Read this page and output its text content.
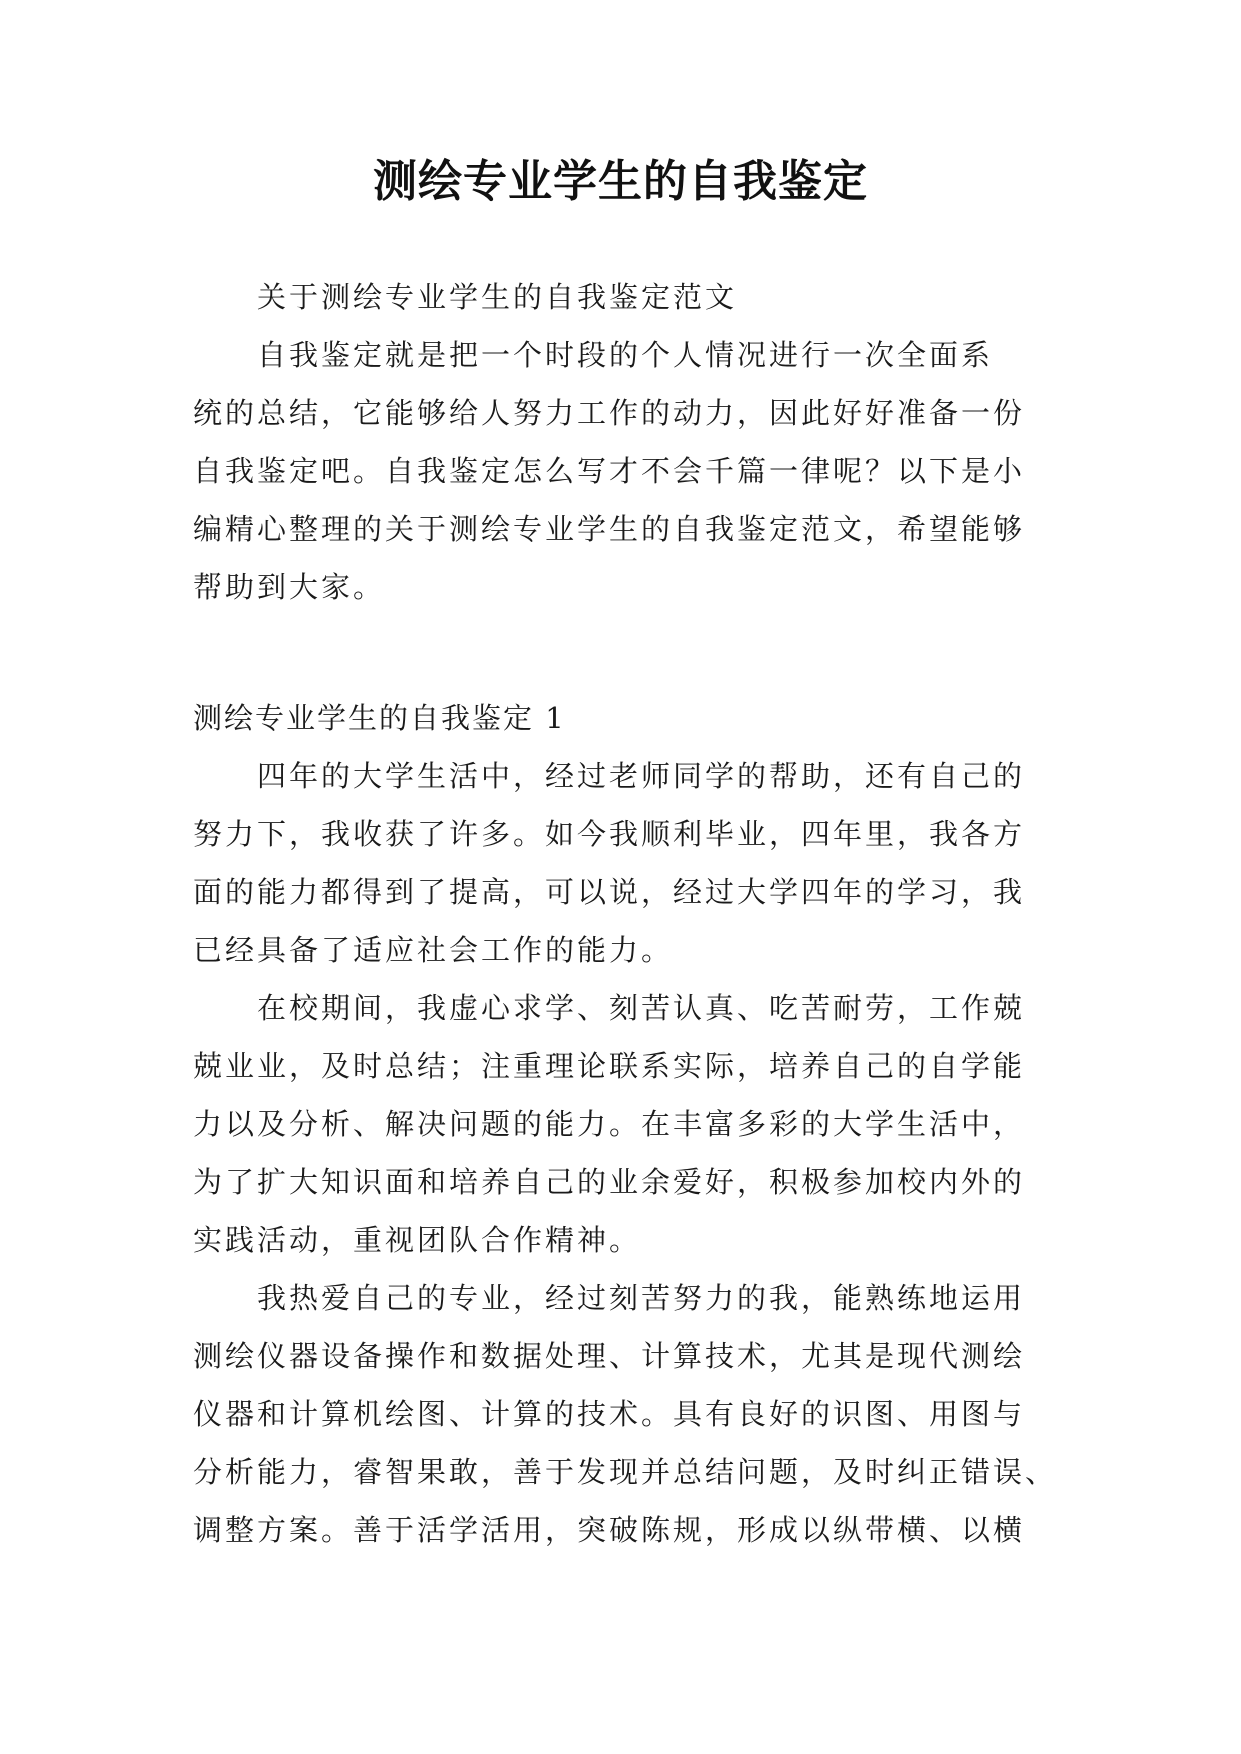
测绘专业学生的自我鉴定
关于测绘专业学生的自我鉴定范文
自我鉴定就是把一个时段的个人情况进行一次全面系
统的总结，它能够给人努力工作的动力，因此好好准备一份
自我鉴定吧。自我鉴定怎么写才不会千篇一律呢？以下是小
编精心整理的关于测绘专业学生的自我鉴定范文，希望能够
帮助到大家。
测绘专业学生的自我鉴定 1
四年的大学生活中，经过老师同学的帮助，还有自己的
努力下，我收获了许多。如今我顺利毕业，四年里，我各方
面的能力都得到了提高，可以说，经过大学四年的学习，我
已经具备了适应社会工作的能力。
在校期间，我虚心求学、刻苦认真、吃苦耐劳，工作兢
兢业业，及时总结；注重理论联系实际，培养自己的自学能
力以及分析、解决问题的能力。在丰富多彩的大学生活中，
为了扩大知识面和培养自己的业余爱好，积极参加校内外的
实践活动，重视团队合作精神。
我热爱自己的专业，经过刻苦努力的我，能熟练地运用
测绘仪器设备操作和数据处理、计算技术，尤其是现代测绘
仪器和计算机绘图、计算的技术。具有良好的识图、用图与
分析能力，睿智果敢，善于发现并总结问题，及时纠正错误、
调整方案。善于活学活用，突破陈规，形成以纵带横、以横
